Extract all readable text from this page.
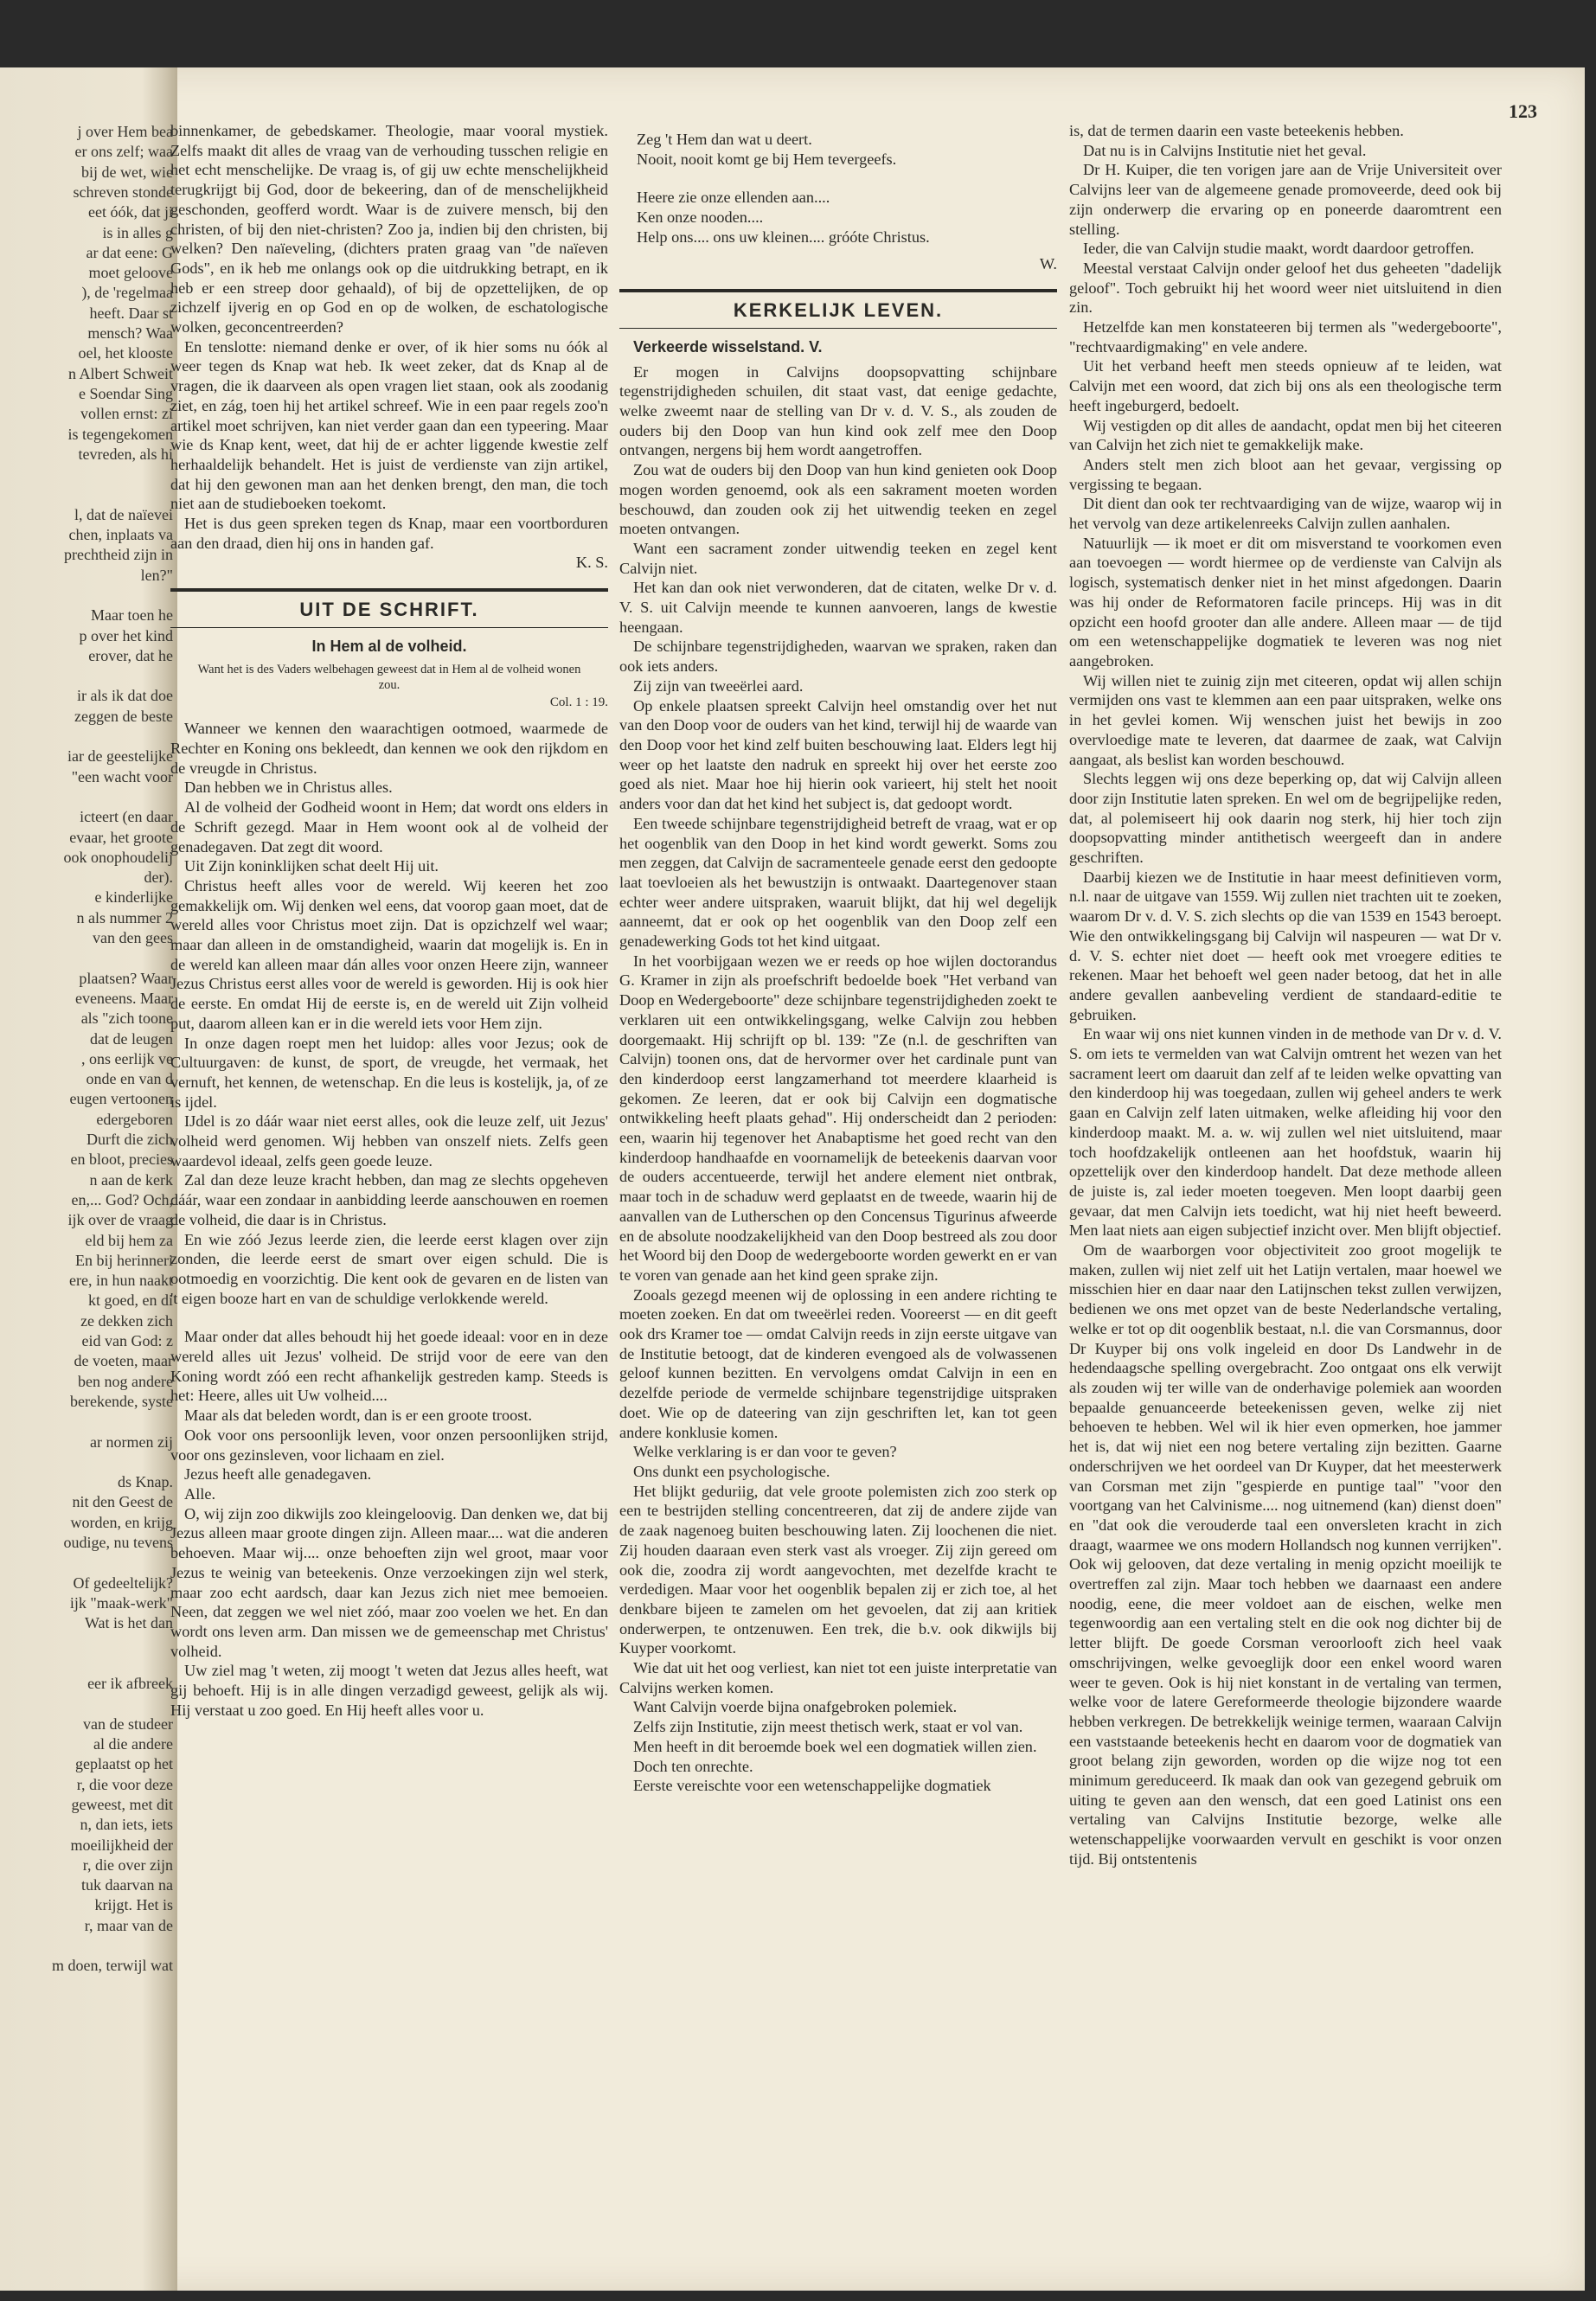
j over Hem bea
er ons zelf; waa
bij de wet, wie
schreven stonde
eet óók, dat ji
is in alles g
ar dat eene: G
moet geloove
), de 'regelmaa
heeft. Daar st
mensch? Waa
oel, het klooste
n Albert Schweit
e Soendar Sing
vollen ernst: zi
is tegengekomen
tevreden, als hi
l, dat de naïevei
chen, inplaats va
prechtheid zijn in
len?"
Maar toen he
p over het kind
erover, dat he
ir als ik dat doe
zeggen de beste
iar de geestelijke
"een wacht voor
icteert (en daar
evaar, het groote
ook onophoudelij
der).
e kinderlijke
n als nummer 2
van den gees
plaatsen? Waar
eveneens. Maar
als "zich toone
dat de leugen
, ons eerlijk ve
onde en van d
eugen vertoonen
edergeboren
Durft die zich
en bloot, precies
n aan de kerk
en,... God? Och,
ijk over de vraag
eld bij hem za
En bij herinneri
ere, in hun naakt
kt goed, en di
ze dekken zich
eid van God: z
de voeten, maar
ben nog andere
berekende, syste
ar normen zij
ds Knap.
nit den Geest de
worden, en krijg
oudige, nu tevens
Of gedeeltelijk?
ijk "maak-werk"
Wat is het dan
eer ik afbreek
van de studeer
al die andere
geplaatst op het
r, die voor deze
geweest, met dit
n, dan iets, iets
moeilijkheid der
r, die over zijn
tuk daarvan na
krijgt. Het is
r, maar van de
m doen, terwijl wat
123

binnenkamer, de gebedskamer. Theologie, maar vooral mystiek. Zelfs maakt dit alles de vraag van de verhouding tusschen religie en het echt menschelijke. De vraag is, of gij uw echte menschelijkheid terugkrijgt bij God, door de bekeering, dan of de menschelijkheid geschonden, geofferd wordt. Waar is de zuivere mensch, bij den christen, of bij den niet-christen? Zoo ja, indien bij den christen, bij welken? Den naïeveling, (dichters praten graag van "de naïeven Gods", en ik heb me onlangs ook op die uitdrukking betrapt, en ik heb er een streep door gehaald), of bij de opzettelijken, de op zichzelf ijverig en op God en op de wolken, de eschatologische wolken, geconcentreerden?

En tenslotte: niemand denke er over, of ik hier soms nu óók al weer tegen ds Knap wat heb. Ik weet zeker, dat ds Knap al de vragen, die ik daarveen als open vragen liet staan, ook als zoodanig ziet, en zág, toen hij het artikel schreef. Wie in een paar regels zoo'n artikel moet schrijven, kan niet verder gaan dan een typeering. Maar wie ds Knap kent, weet, dat hij de er achter liggende kwestie zelf herhaaldelijk behandelt. Het is juist de verdienste van zijn artikel, dat hij den gewonen man aan het denken brengt, den man, die toch niet aan de studieboeken toekomt.

Het is dus geen spreken tegen ds Knap, maar een voortborduren aan den draad, dien hij ons in handen gaf.

K. S.
UIT DE SCHRIFT.
In Hem al de volheid.
Want het is des Vaders welbehagen geweest dat in Hem al de volheid wonen zou.
Col. 1 : 19.

Wanneer we kennen den waarachtigen ootmoed, waarmede de Rechter en Koning ons bekleedt, dan kennen we ook den rijkdom en de vreugde in Christus.

Dan hebben we in Christus alles.

Al de volheid der Godheid woont in Hem; dat wordt ons elders in de Schrift gezegd. Maar in Hem woont ook al de volheid der genadegaven. Dat zegt dit woord.

Uit Zijn koninklijken schat deelt Hij uit.

Christus heeft alles voor de wereld. Wij keeren het zoo gemakkelijk om. Wij denken wel eens, dat voorop gaan moet, dat de wereld alles voor Christus moet zijn. Dat is opzichzelf wel waar; maar dan alleen in de omstandigheid, waarin dat mogelijk is. En in de wereld kan alleen maar dán alles voor onzen Heere zijn, wanneer Jezus Christus eerst alles voor de wereld is geworden. Hij is ook hier de eerste. En omdat Hij de eerste is, en de wereld uit Zijn volheid put, daarom alleen kan er in die wereld iets voor Hem zijn.

In onze dagen roept men het luidop: alles voor Jezus; ook de Cultuurgaven: de kunst, de sport, de vreugde, het vermaak, het vernuft, het kennen, de wetenschap. En die leus is kostelijk, ja, of ze is ijdel.

IJdel is zo dáár waar niet eerst alles, ook die leuze zelf, uit Jezus' volheid werd genomen. Wij hebben van onszelf niets. Zelfs geen waardevol ideaal, zelfs geen goede leuze.

Zal dan deze leuze kracht hebben, dan mag ze slechts opgeheven dáár, waar een zondaar in aanbidding leerde aanschouwen en roemen de volheid, die daar is in Christus.

En wie zóó Jezus leerde zien, die leerde eerst klagen over zijn zonden, die leerde eerst de smart over eigen schuld. Die is ootmoedig en voorzichtig. Die kent ook de gevaren en de listen van 't eigen booze hart en van de schuldige verlokkende wereld.

Maar onder dat alles behoudt hij het goede ideaal: voor en in deze wereld alles uit Jezus' volheid. De strijd voor de eere van den Koning wordt zóó een recht afhankelijk gestreden kamp. Steeds is het: Heere, alles uit Uw volheid....

Maar als dat beleden wordt, dan is er een groote troost.

Ook voor ons persoonlijk leven, voor onzen persoonlijken strijd, voor ons gezinsleven, voor lichaam en ziel.

Jezus heeft alle genadegaven.

Alle.

O, wij zijn zoo dikwijls zoo kleingeloovig. Dan denken we, dat bij Jezus alleen maar groote dingen zijn. Alleen maar.... wat die anderen behoeven. Maar wij.... onze behoeften zijn wel groot, maar voor Jezus te weinig van beteekenis. Onze verzoekingen zijn wel sterk, maar zoo echt aardsch, daar kan Jezus zich niet mee bemoeien. Neen, dat zeggen we wel niet zóó, maar zoo voelen we het. En dan wordt ons leven arm. Dan missen we de gemeenschap met Christus' volheid.

Uw ziel mag 't weten, zij moogt 't weten dat Jezus alles heeft, wat gij behoeft. Hij is in alle dingen verzadigd geweest, gelijk als wij. Hij verstaat u zoo goed. En Hij heeft alles voor u.

Zeg 't Hem dan wat u deert.
Nooit, nooit komt ge bij Hem tevergeefs.
Heere zie onze ellenden aan....
Ken onze nooden....
Help ons.... ons uw kleinen.... gróóte Christus.
W.
KERKELIJK LEVEN.
Verkeerde wisselstand. V.

Er mogen in Calvijns doopsopvatting schijnbare tegenstrijdigheden schuilen, dit staat vast, dat eenige gedachte, welke zweemt naar de stelling van Dr v. d. V. S., als zouden de ouders bij den Doop van hun kind ook zelf mee den Doop ontvangen, nergens bij hem wordt aangetroffen.

Zou wat de ouders bij den Doop van hun kind genieten ook Doop mogen worden genoemd, ook als een sakrament moeten worden beschouwd, dan zouden ook zij het uitwendig teeken en zegel moeten ontvangen.

Want een sacrament zonder uitwendig teeken en zegel kent Calvijn niet.

Het kan dan ook niet verwonderen, dat de citaten, welke Dr v. d. V. S. uit Calvijn meende te kunnen aanvoeren, langs de kwestie heengaan.

De schijnbare tegenstrijdigheden, waarvan we spraken, raken dan ook iets anders.

Zij zijn van tweeërlei aard.

Op enkele plaatsen spreekt Calvijn heel omstandig over het nut van den Doop voor de ouders van het kind, terwijl hij de waarde van den Doop voor het kind zelf buiten beschouwing laat. Elders legt hij weer op het laatste den nadruk en spreekt hij over het eerste zoo goed als niet. Maar hoe hij hierin ook varieert, hij stelt het nooit anders voor dan dat het kind het subject is, dat gedoopt wordt.

Een tweede schijnbare tegenstrijdigheid betreft de vraag, wat er op het oogenblik van den Doop in het kind wordt gewerkt. Soms zou men zeggen, dat Calvijn de sacramenteele genade eerst den gedoopte laat toevloeien als het bewustzijn is ontwaakt. Daartegenover staan echter weer andere uitspraken, waaruit blijkt, dat hij wel degelijk aanneemt, dat er ook op het oogenblik van den Doop zelf een genadewerking Gods tot het kind uitgaat.

In het voorbijgaan wezen we er reeds op hoe wijlen doctorandus G. Kramer in zijn als proefschrift bedoelde boek "Het verband van Doop en Wedergeboorte" deze schijnbare tegenstrijdigheden zoekt te verklaren uit een ontwikkelingsgang, welke Calvijn zou hebben doorgemaakt. Hij schrijft op bl. 139: "Ze (n.l. de geschriften van Calvijn) toonen ons, dat de hervormer over het cardinale punt van den kinderdoop eerst langzamerhand tot meerdere klaarheid is gekomen. Ze leeren, dat er ook bij Calvijn een dogmatische ontwikkeling heeft plaats gehad". Hij onderscheidt dan 2 perioden: een, waarin hij tegenover het Anabaptisme het goed recht van den kinderdoop handhaafde en voornamelijk de beteekenis daarvan voor de ouders accentueerde, terwijl het andere element niet ontbrak, maar toch in de schaduw werd geplaatst en de tweede, waarin hij de aanvallen van de Lutherschen op den Concensus Tigurinus afweerde en de absolute noodzakelijkheid van den Doop bestreed als zou door het Woord bij den Doop de wedergeboorte worden gewerkt en er van te voren van genade aan het kind geen sprake zijn.

Zooals gezegd meenen wij de oplossing in een andere richting te moeten zoeken. En dat om tweeërlei reden. Vooreerst — en dit geeft ook drs Kramer toe — omdat Calvijn reeds in zijn eerste uitgave van de Institutie betoogt, dat de kinderen evengoed als de volwassenen geloof kunnen bezitten. En vervolgens omdat Calvijn in een en dezelfde periode de vermelde schijnbare tegenstrijdige uitspraken doet. Wie op de dateering van zijn geschriften let, kan tot geen andere konklusie komen.

Welke verklaring is er dan voor te geven?

Ons dunkt een psychologische.

Het blijkt geduriig, dat vele groote polemisten zich zoo sterk op een te bestrijden stelling concentreeren, dat zij de andere zijde van de zaak nagenoeg buiten beschouwing laten. Zij loochenen die niet. Zij houden daaraan even sterk vast als vroeger. Zij zijn gereed om ook die, zoodra zij wordt aangevochten, met dezelfde kracht te verdedigen. Maar voor het oogenblik bepalen zij er zich toe, al het denkbare bijeen te zamelen om het gevoelen, dat zij aan kritiek onderwerpen, te ontzenuwen. Een trek, die b.v. ook dikwijls bij Kuyper voorkomt.

Wie dat uit het oog verliest, kan niet tot een juiste interpretatie van Calvijns werken komen.

Want Calvijn voerde bijna onafgebroken polemiek.

Zelfs zijn Institutie, zijn meest thetisch werk, staat er vol van.

Men heeft in dit beroemde boek wel een dogmatiek willen zien.

Doch ten onrechte.

Eerste vereischte voor een wetenschappelijke dogmatiek

is, dat de termen daarin een vaste beteekenis hebben.

Dat nu is in Calvijns Institutie niet het geval.

Dr H. Kuiper, die ten vorigen jare aan de Vrije Universiteit over Calvijns leer van de algemeene genade promoveerde, deed ook bij zijn onderwerp die ervaring op en poneerde daaromtrent een stelling.

Ieder, die van Calvijn studie maakt, wordt daardoor getroffen.

Meestal verstaat Calvijn onder geloof het dus geheeten "dadelijk geloof". Toch gebruikt hij het woord weer niet uitsluitend in dien zin.

Hetzelfde kan men konstateeren bij termen als "wedergeboorte", "rechtvaardigmaking" en vele andere.

Uit het verband heeft men steeds opnieuw af te leiden, wat Calvijn met een woord, dat zich bij ons als een theologische term heeft ingeburgerd, bedoelt.

Wij vestigden op dit alles de aandacht, opdat men bij het citeeren van Calvijn het zich niet te gemakkelijk make.

Anders stelt men zich bloot aan het gevaar, vergissing op vergissing te begaan.

Dit dient dan ook ter rechtvaardiging van de wijze, waarop wij in het vervolg van deze artikelenreeks Calvijn zullen aanhalen.

Natuurlijk — ik moet er dit om misverstand te voorkomen even aan toevoegen — wordt hiermee op de verdienste van Calvijn als logisch, systematisch denker niet in het minst afgedongen. Daarin was hij onder de Reformatoren facile princeps. Hij was in dit opzicht een hoofd grooter dan alle andere. Alleen maar — de tijd om een wetenschappelijke dogmatiek te leveren was nog niet aangebroken.

Wij willen niet te zuinig zijn met citeeren, opdat wij allen schijn vermijden ons vast te klemmen aan een paar uitspraken, welke ons in het gevlei komen. Wij wenschen juist het bewijs in zoo overvloedige mate te leveren, dat daarmee de zaak, wat Calvijn aangaat, als beslist kan worden beschouwd.

Slechts leggen wij ons deze beperking op, dat wij Calvijn alleen door zijn Institutie laten spreken. En wel om de begrijpelijke reden, dat, al polemiseert hij ook daarin nog sterk, hij hier toch zijn doopsopvatting minder antithetisch weergeeft dan in andere geschriften.

Daarbij kiezen we de Institutie in haar meest definitieven vorm, n.l. naar de uitgave van 1559. Wij zullen niet trachten uit te zoeken, waarom Dr v. d. V. S. zich slechts op die van 1539 en 1543 beroept. Wie den ontwikkelingsgang bij Calvijn wil naspeuren — wat Dr v. d. V. S. echter niet doet — heeft ook met vroegere edities te rekenen. Maar het behoeft wel geen nader betoog, dat het in alle andere gevallen aanbeveling verdient de standaard-editie te gebruiken.

En waar wij ons niet kunnen vinden in de methode van Dr v. d. V. S. om iets te vermelden van wat Calvijn omtrent het wezen van het sacrament leert om daaruit dan zelf af te leiden welke opvatting van den kinderdoop hij was toegedaan, zullen wij geheel anders te werk gaan en Calvijn zelf laten uitmaken, welke afleiding hij voor den kinderdoop maakt. M. a. w. wij zullen wel niet uitsluitend, maar toch hoofdzakelijk ontleenen aan het hoofdstuk, waarin hij opzettelijk over den kinderdoop handelt. Dat deze methode alleen de juiste is, zal ieder moeten toegeven. Men loopt daarbij geen gevaar, dat men Calvijn iets toedicht, wat hij niet heeft beweerd. Men laat niets aan eigen subjectief inzicht over. Men blijft objectief.

Om de waarborgen voor objectiviteit zoo groot mogelijk te maken, zullen wij niet zelf uit het Latijn vertalen, maar hoewel we misschien hier en daar naar den Latijnschen tekst zullen verwijzen, bedienen we ons met opzet van de beste Nederlandsche vertaling, welke er tot op dit oogenblik bestaat, n.l. die van Corsmannus, door Dr Kuyper bij ons volk ingeleid en door Ds Landwehr in de hedendaagsche spelling overgebracht. Zoo ontgaat ons elk verwijt als zouden wij ter wille van de onderhavige polemiek aan woorden bepaalde genuanceerde beteekenissen geven, welke zij niet behoeven te hebben. Wel wil ik hier even opmerken, hoe jammer het is, dat wij niet een nog betere vertaling zijn bezitten. Gaarne onderschrijven we het oordeel van Dr Kuyper, dat het meesterwerk van Corsman met zijn "gespierde en puntige taal" "voor den voortgang van het Calvinisme.... nog uitnemend (kan) dienst doen" en "dat ook die verouderde taal een onversleten kracht in zich draagt, waarmee we ons modern Hollandsch nog kunnen verrijken". Ook wij gelooven, dat deze vertaling in menig opzicht moeilijk te overtreffen zal zijn. Maar toch hebben we daarnaast een andere noodig, eene, die meer voldoet aan de eischen, welke men tegenwoordig aan een vertaling stelt en die ook nog dichter bij de letter blijft. De goede Corsman veroorlooft zich heel vaak omschrijvingen, welke gevoeglijk door een enkel woord waren weer te geven. Ook is hij niet konstant in de vertaling van termen, welke voor de latere Gereformeerde theologie bijzondere waarde hebben verkregen. De betrekkelijk weinige termen, waaraan Calvijn een vaststaande beteekenis hecht en daarom voor de dogmatiek van groot belang zijn geworden, worden op die wijze nog tot een minimum gereduceerd. Ik maak dan ook van gezegend gebruik om uiting te geven aan den wensch, dat een goed Latinist ons een vertaling van Calvijns Institutie bezorge, welke alle wetenschappelijke voorwaarden vervult en geschikt is voor onzen tijd. Bij ontstentenis
